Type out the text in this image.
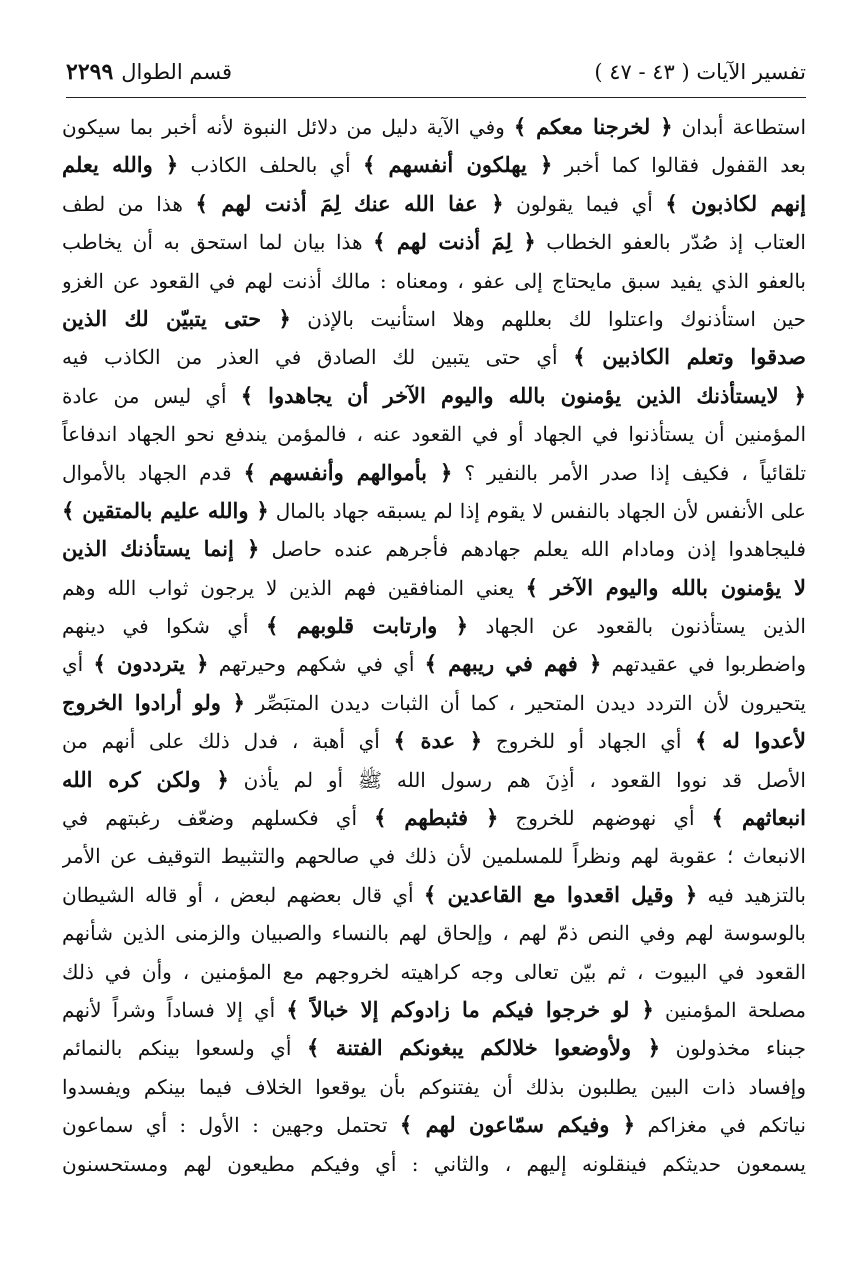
تفسير الآيات ( ٤٣ - ٤٧ )
قسم الطوال
٢٢٩٩
استطاعة أبدان ﴿ لخرجنا معكم ﴾ وفي الآية دليل من دلائل النبوة لأنه أخبر بما سيكون
بعد القفول فقالوا كما أخبر ﴿ يهلكون أنفسهم ﴾ أي بالحلف الكاذب ﴿ والله يعلم
إنهم لكاذبون ﴾ أي فيما يقولون ﴿ عفا الله عنك لِمَ أذنت لهم ﴾ هذا من لطف
العتاب إذ صُدّر بالعفو الخطاب ﴿ لِمَ أذنت لهم ﴾ هذا بيان لما استحق به أن يخاطب
بالعفو الذي يفيد سبق مايحتاج إلى عفو ، ومعناه : مالك أذنت لهم في القعود عن الغزو
حين استأذنوك واعتلوا لك بعللهم وهلا استأنيت بالإذن ﴿ حتى يتبيّن لك الذين
صدقوا وتعلم الكاذبين ﴾ أي حتى يتبين لك الصادق في العذر من الكاذب فيه
﴿ لايستأذنك الذين يؤمنون بالله واليوم الآخر أن يجاهدوا ﴾ أي ليس من عادة
المؤمنين أن يستأذنوا في الجهاد أو في القعود عنه ، فالمؤمن يندفع نحو الجهاد اندفاعاً
تلقائياً ، فكيف إذا صدر الأمر بالنفير ؟ ﴿ بأموالهم وأنفسهم ﴾ قدم الجهاد بالأموال
على الأنفس لأن الجهاد بالنفس لا يقوم إذا لم يسبقه جهاد بالمال ﴿ والله عليم بالمتقين ﴾
فليجاهدوا إذن ومادام الله يعلم جهادهم فأجرهم عنده حاصل ﴿ إنما يستأذنك الذين
لا يؤمنون بالله واليوم الآخر ﴾ يعني المنافقين فهم الذين لا يرجون ثواب الله وهم
الذين يستأذنون بالقعود عن الجهاد ﴿ وارتابت قلوبهم ﴾ أي شكوا في دينهم
واضطربوا في عقيدتهم ﴿ فهم في ريبهم ﴾ أي في شكهم وحيرتهم ﴿ يترددون ﴾ أي
يتحيرون لأن التردد ديدن المتحير ، كما أن الثبات ديدن المتبَصِّر ﴿ ولو أرادوا الخروج
لأعدوا له ﴾ أي الجهاد أو للخروج ﴿ عدة ﴾ أي أهبة ، فدل ذلك على أنهم من
الأصل قد نووا القعود ، أذِنَ هم رسول الله ﷺ أو لم يأذن ﴿ ولكن كره الله
انبعاثهم ﴾ أي نهوضهم للخروج ﴿ فثبطهم ﴾ أي فكسلهم وضعّف رغبتهم في
الانبعاث ؛ عقوبة لهم ونظراً للمسلمين لأن ذلك في صالحهم والتثبيط التوقيف عن الأمر
بالتزهيد فيه ﴿ وقيل اقعدوا مع القاعدين ﴾ أي قال بعضهم لبعض ، أو قاله الشيطان
بالوسوسة لهم وفي النص ذمّ لهم ، وإلحاق لهم بالنساء والصبيان والزمنى الذين شأنهم
القعود في البيوت ، ثم بيّن تعالى وجه كراهيته لخروجهم مع المؤمنين ، وأن في ذلك
مصلحة المؤمنين ﴿ لو خرجوا فيكم ما زادوكم إلا خبالاً ﴾ أي إلا فساداً وشراً لأنهم
جبناء مخذولون ﴿ ولأوضعوا خلالكم يبغونكم الفتنة ﴾ أي ولسعوا بينكم بالنمائم
وإفساد ذات البين يطلبون بذلك أن يفتنوكم بأن يوقعوا الخلاف فيما بينكم ويفسدوا
نياتكم في مغزاكم ﴿ وفيكم سمّاعون لهم ﴾ تحتمل وجهين : الأول : أي سماعون
يسمعون حديثكم فينقلونه إليهم ، والثاني : أي وفيكم مطيعون لهم ومستحسنون
